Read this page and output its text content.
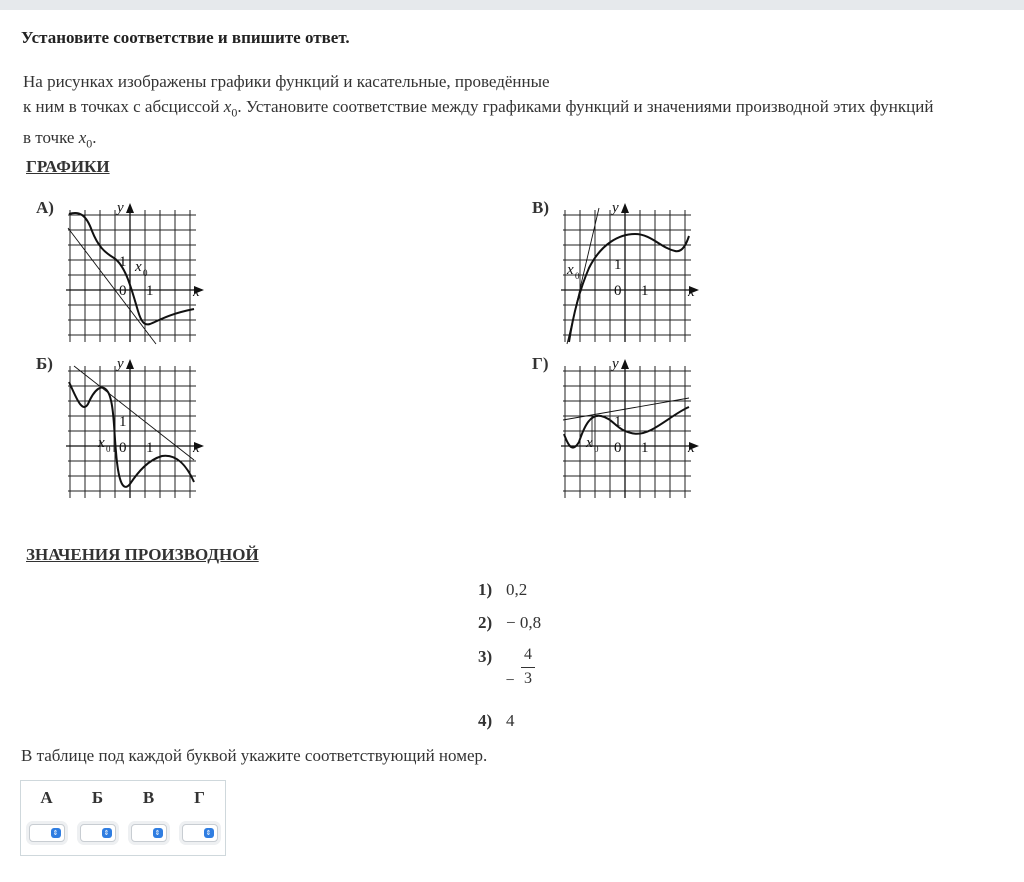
Установите соответствие и впишите ответ.
На рисунках изображены графики функций и касательные, проведённые
к ним в точках с абсциссой $x_0$. Установите соответствие между графиками функций и значениями производной этих функций
в точке $x_0$.
ГРАФИКИ
А)
Б)
В)
Г)
y
x
1
0 1
x 0
y
x
1
0 1
x 0
y
x
1
0 1
x 0
y
x
1
0 1
x 0
ЗНАЧЕНИЯ ПРОИЗВОДНОЙ
1) 0,2
2) − 0,8
3)	4
3
−
4) 4
В таблице под каждой буквой укажите соответствующий номер.
А	Б	В	Г

⇕	⇕	⇕	⇕
